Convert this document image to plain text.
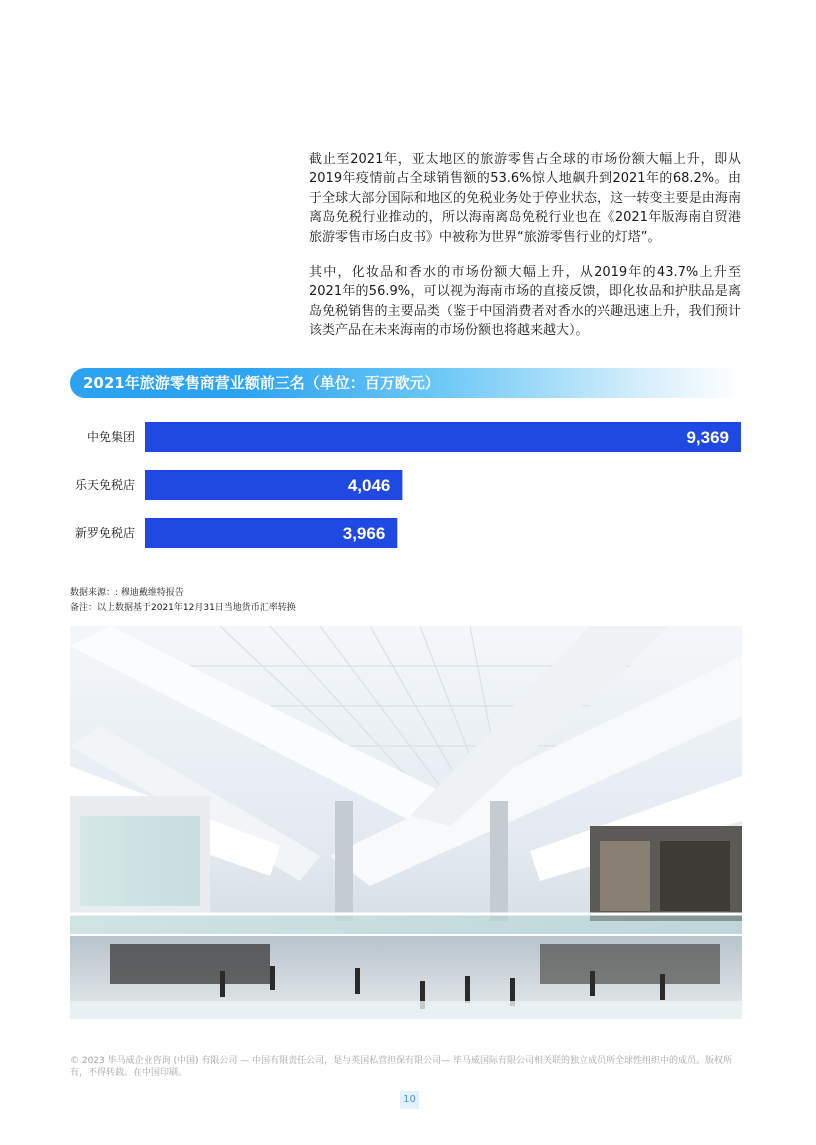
截止至2021年，亚太地区的旅游零售占全球的市场份额大幅上升，即从2019年疫情前占全球销售额的53.6%惊人地飙升到2021年的68.2%。由于全球大部分国际和地区的免税业务处于停业状态，这一转变主要是由海南离岛免税行业推动的，所以海南离岛免税行业也在《2021年版海南自贸港旅游零售市场白皮书》中被称为世界“旅游零售行业的灯塔”。

其中，化妆品和香水的市场份额大幅上升，从2019年的43.7%上升至2021年的56.9%，可以视为海南市场的直接反馈，即化妆品和护肤品是离岛免税销售的主要品类（鉴于中国消费者对香水的兴趣迅速上升，我们预计该类产品在未来海南的市场份额也将越来越大）。

2021年旅游零售商营业额前三名（单位：百万欧元）
中免集团	9,369
乐天免税店	4,046
新罗免税店	3,966
数据来源：: 穆迪戴维特报告
备注：以上数据基于2021年12月31日当地货币汇率转换

© 2023 毕马威企业咨询 (中国) 有限公司 — 中国有限责任公司，是与英国私营担保有限公司— 毕马威国际有限公司相关联的独立成员所全球性组织中的成员。版权所有，不得转载。在中国印刷。

10
